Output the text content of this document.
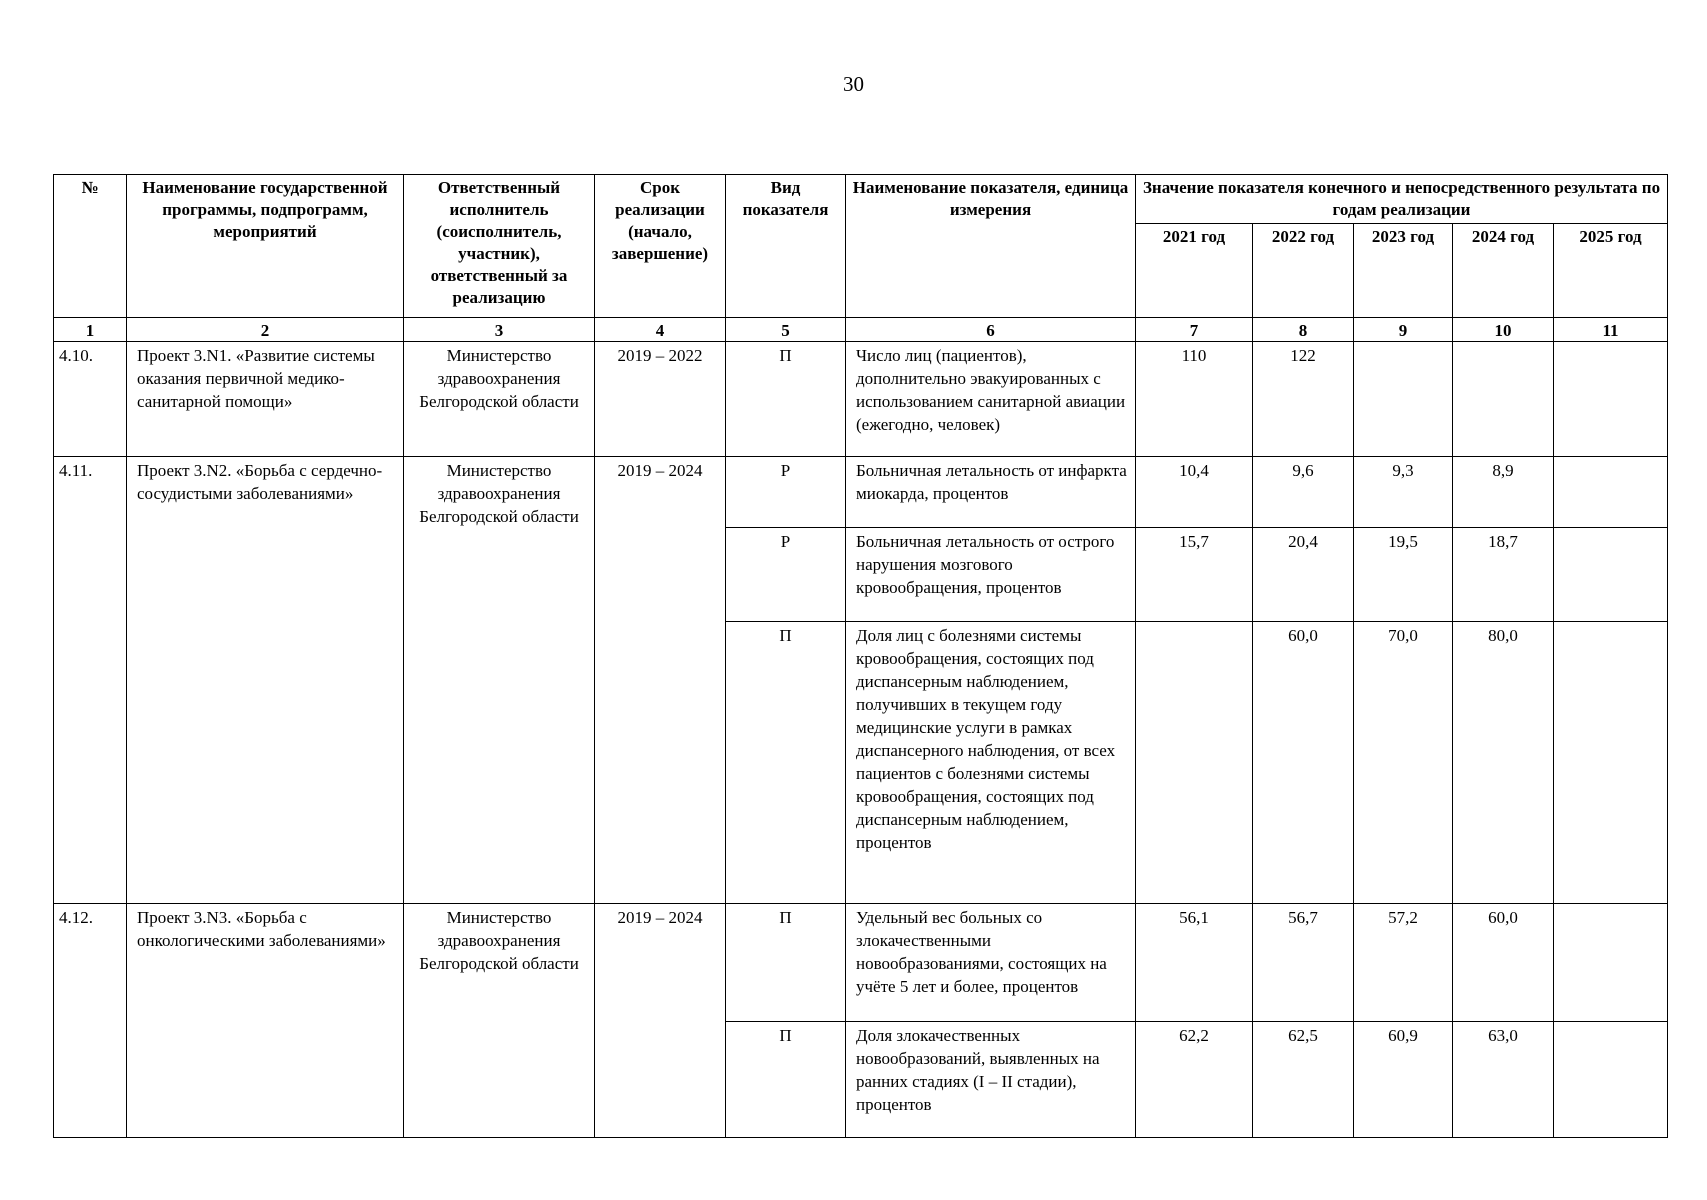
30
№	Наименование государственной программы, подпрограмм, мероприятий	Ответственный исполнитель (соисполнитель, участник), ответственный за реализацию	Срок реализации (начало, завершение)	Вид показателя	Наименование показателя, единица измерения	Значение показателя конечного и непосредственного результата по годам реализации				
						2021 год	2022 год	2023 год	2024 год	2025 год
1	2	3	4	5	6	7	8	9	10	11
4.10.	Проект 3.N1. «Развитие системы оказания первичной медико-санитарной помощи»	Министерство здравоохранения Белгородской области	2019 – 2022	П	Число лиц (пациентов), дополнительно эвакуированных с использованием санитарной авиации (ежегодно, человек)	110	122			
4.11.	Проект 3.N2. «Борьба с сердечно-сосудистыми заболеваниями»	Министерство здравоохранения Белгородской области	2019 – 2024	Р	Больничная летальность от инфаркта миокарда, процентов	10,4	9,6	9,3	8,9	
				Р	Больничная летальность от острого нарушения мозгового кровообращения, процентов	15,7	20,4	19,5	18,7	
				П	Доля лиц с болезнями системы кровообращения, состоящих под диспансерным наблюдением, получивших в текущем году медицинские услуги в рамках диспансерного наблюдения, от всех пациентов с болезнями системы кровообращения, состоящих под диспансерным наблюдением, процентов		60,0	70,0	80,0	
4.12.	Проект 3.N3. «Борьба с онкологическими заболеваниями»	Министерство здравоохранения Белгородской области	2019 – 2024	П	Удельный вес больных со злокачественными новообразованиями, состоящих на учёте 5 лет и более, процентов	56,1	56,7	57,2	60,0	
				П	Доля злокачественных новообразований, выявленных на ранних стадиях (I – II стадии), процентов	62,2	62,5	60,9	63,0	
